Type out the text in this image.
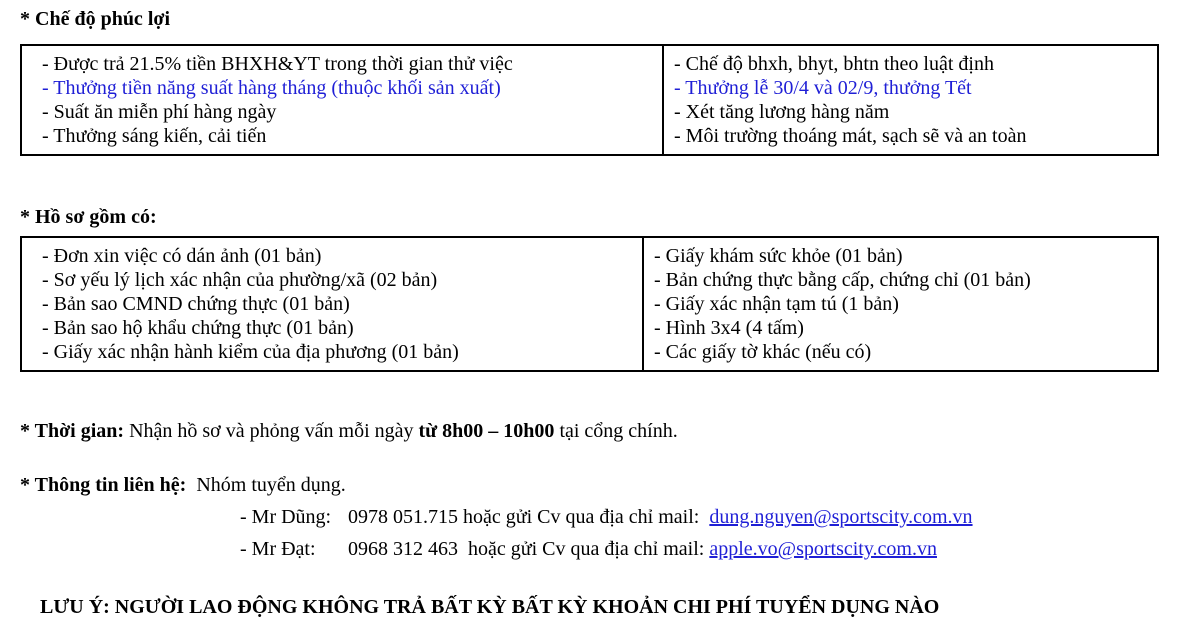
* Chế độ phúc lợi
- Được trả 21.5% tiền BHXH&YT trong thời gian thử việc
- Thưởng tiền năng suất hàng tháng (thuộc khối sản xuất)
- Suất ăn miễn phí hàng ngày
- Thưởng sáng kiến, cải tiến

- Chế độ bhxh, bhyt, bhtn theo luật định
- Thưởng lễ 30/4 và 02/9, thưởng Tết
- Xét tăng lương hàng năm
- Môi trường thoáng mát, sạch sẽ và an toàn
* Hồ sơ gồm có:
- Đơn xin việc có dán ảnh (01 bản)
- Sơ yếu lý lịch xác nhận của phường/xã (02 bản)
- Bản sao CMND chứng thực (01 bản)
- Bản sao hộ khẩu chứng thực (01 bản)
- Giấy xác nhận hành kiểm của địa phương (01 bản)

- Giấy khám sức khỏe (01 bản)
- Bản chứng thực bằng cấp, chứng chỉ (01 bản)
- Giấy xác nhận tạm tú (1 bản)
- Hình 3x4 (4 tấm)
- Các giấy tờ khác (nếu có)
* Thời gian: Nhận hồ sơ và phỏng vấn mỗi ngày từ 8h00 – 10h00 tại cổng chính.
* Thông tin liên hệ:  Nhóm tuyển dụng.
- Mr Dũng: 0978 051.715 hoặc gửi Cv qua địa chỉ mail:  dung.nguyen@sportscity.com.vn
- Mr Đạt: 0968 312 463  hoặc gửi Cv qua địa chỉ mail: apple.vo@sportscity.com.vn
LƯU Ý: NGƯỜI LAO ĐỘNG KHÔNG TRẢ BẤT KỲ BẤT KỲ KHOẢN CHI PHÍ TUYỂN DỤNG NÀO
